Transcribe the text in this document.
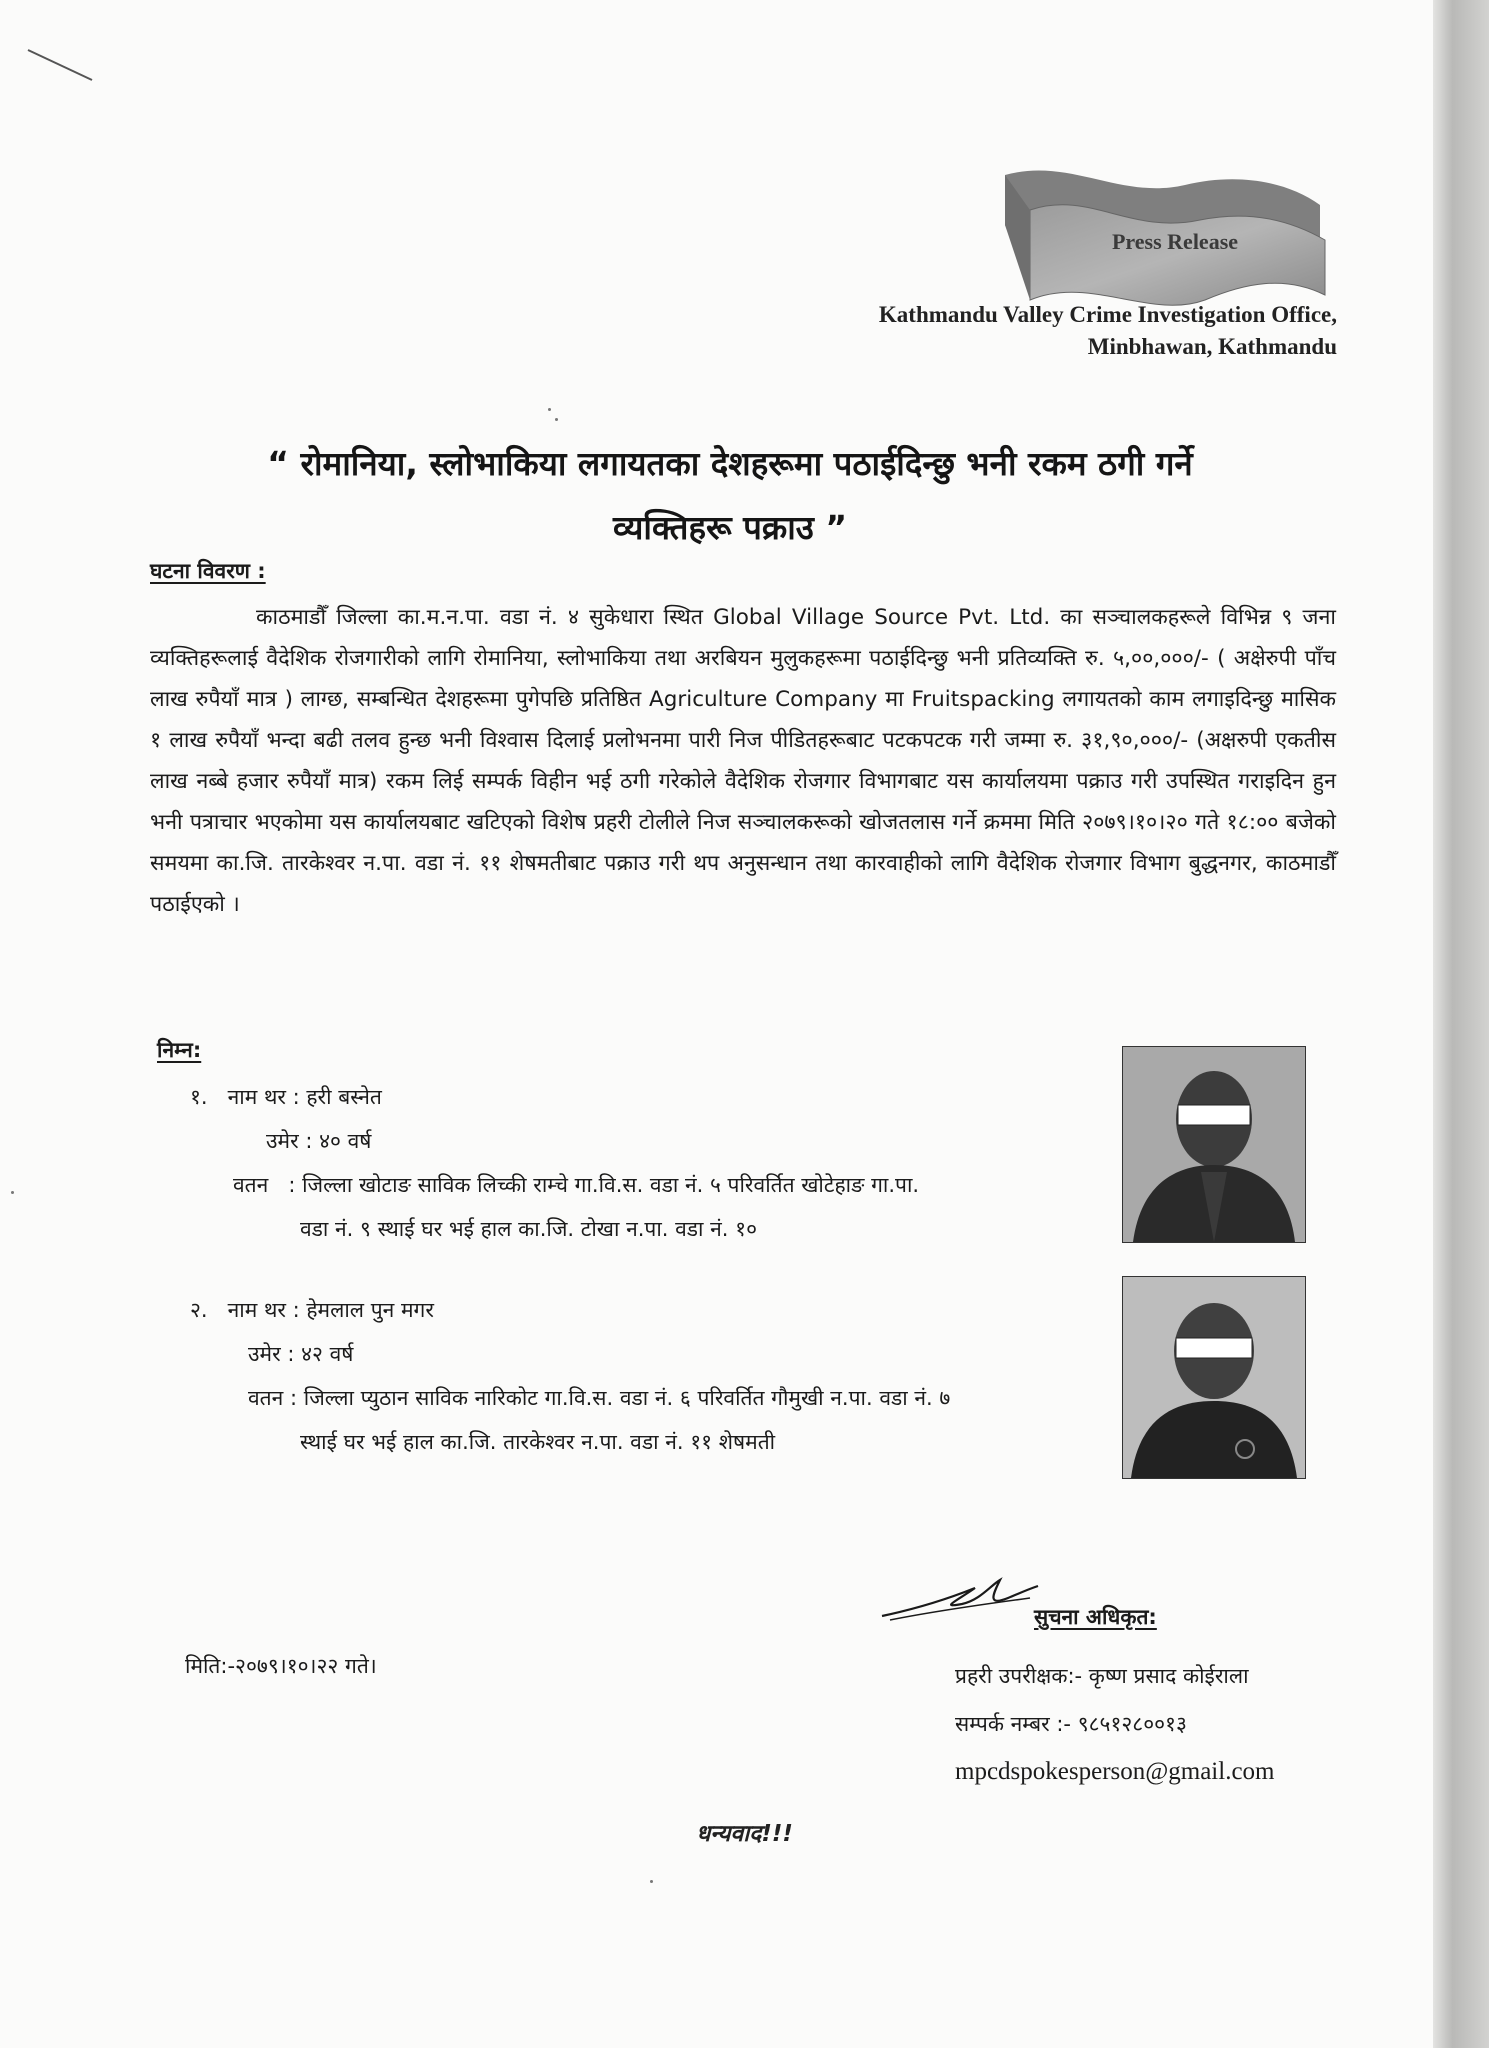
Press Release
Kathmandu Valley Crime Investigation Office,
Minbhawan, Kathmandu
“ रोमानिया, स्लोभाकिया लगायतका देशहरूमा पठाईदिन्छु भनी रकम ठगी गर्ने
व्यक्तिहरू पक्राउ ”
घटना विवरण :
काठमाडौँ जिल्ला का.म.न.पा. वडा नं. ४ सुकेधारा स्थित Global Village Source Pvt. Ltd. का सञ्चालकहरूले विभिन्न ९ जना व्यक्तिहरूलाई वैदेशिक रोजगारीको लागि रोमानिया, स्लोभाकिया तथा अरबियन मुलुकहरूमा पठाईदिन्छु भनी प्रतिव्यक्ति रु. ५,००,०००/- ( अक्षेरुपी पाँच लाख रुपैयाँ मात्र ) लाग्छ, सम्बन्धित देशहरूमा पुगेपछि प्रतिष्ठित Agriculture Company मा Fruitspacking लगायतको काम लगाइदिन्छु मासिक १ लाख रुपैयाँ भन्दा बढी तलव हुन्छ भनी विश्वास दिलाई प्रलोभनमा पारी निज पीडितहरूबाट पटकपटक गरी जम्मा रु. ३१,९०,०००/- (अक्षरुपी एकतीस लाख नब्बे हजार रुपैयाँ मात्र) रकम लिई सम्पर्क विहीन भई ठगी गरेकोले वैदेशिक रोजगार विभागबाट यस कार्यालयमा पक्राउ गरी उपस्थित गराइदिन हुन भनी पत्राचार भएकोमा यस कार्यालयबाट खटिएको विशेष प्रहरी टोलीले निज सञ्चालकरूको खोजतलास गर्ने क्रममा मिति २०७९।१०।२० गते १८:०० बजेको समयमा का.जि. तारकेश्वर न.पा. वडा नं. ११ शेषमतीबाट पक्राउ गरी थप अनुसन्धान तथा कारवाहीको लागि वैदेशिक रोजगार विभाग बुद्धनगर, काठमाडौँ पठाईएको ।
निम्न:
१. नाम थर : हरी बस्नेत
उमेर : ४० वर्ष
वतन : जिल्ला खोटाङ साविक लिच्की राम्चे गा.वि.स. वडा नं. ५ परिवर्तित खोटेहाङ गा.पा.
वडा नं. ९ स्थाई घर भई हाल का.जि. टोखा न.पा. वडा नं. १०
२. नाम थर : हेमलाल पुन मगर
उमेर : ४२ वर्ष
वतन : जिल्ला प्युठान साविक नारिकोट गा.वि.स. वडा नं. ६ परिवर्तित गौमुखी न.पा. वडा नं. ७
स्थाई घर भई हाल का.जि. तारकेश्वर न.पा. वडा नं. ११ शेषमती
मिति:-२०७९।१०।२२ गते।
सुचना अधिकृत:
प्रहरी उपरीक्षक:- कृष्ण प्रसाद कोईराला
सम्पर्क नम्बर :- ९८५१२८००१३
mpcdspokesperson@gmail.com
धन्यवाद!!!
